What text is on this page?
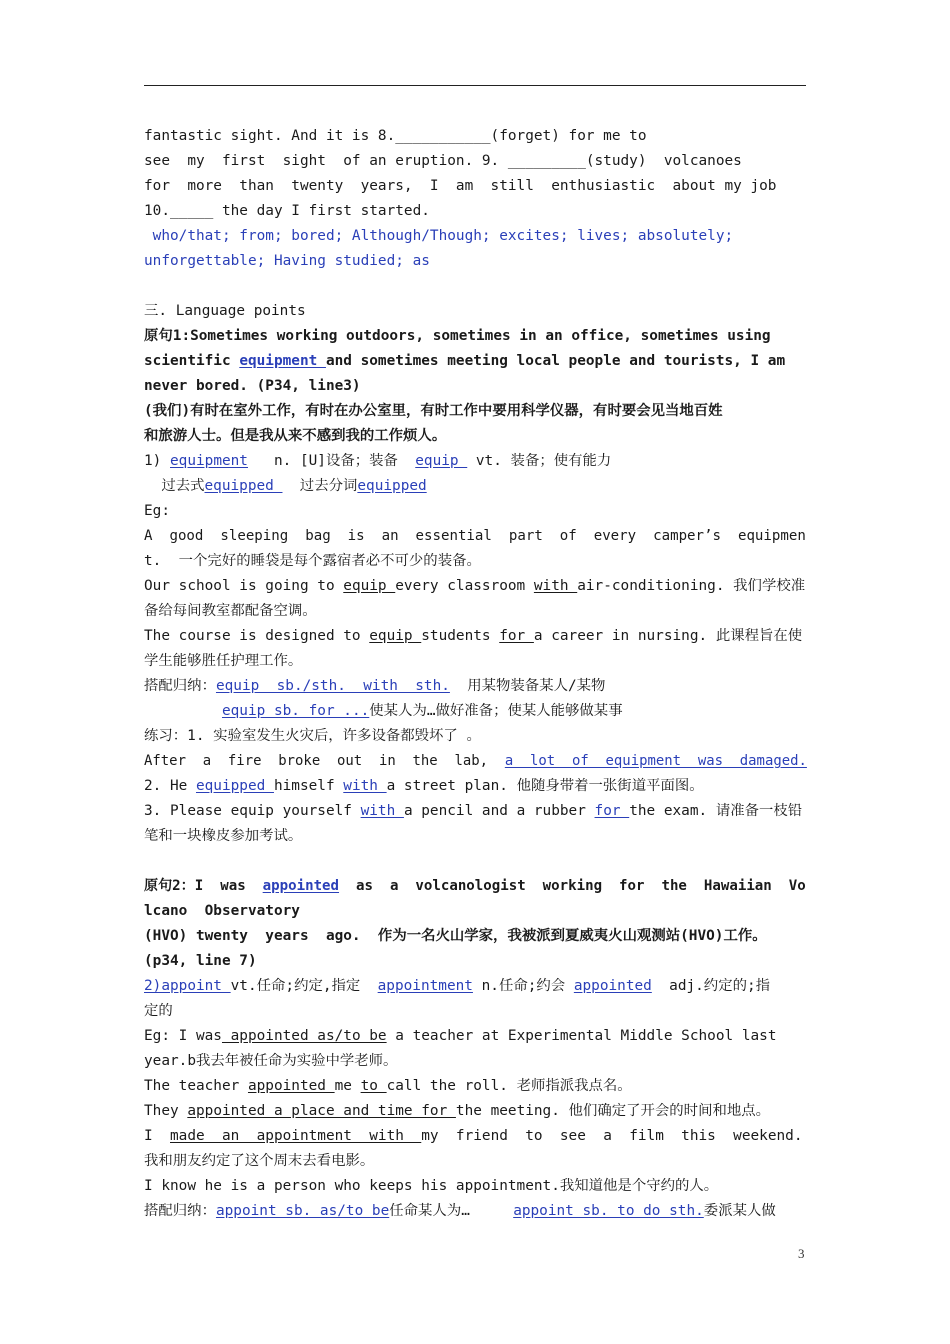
fantastic sight. And it is 8.___________(forget) for me to
see  my  first  sight  of an eruption. 9. _________(study)  volcanoes
for  more  than  twenty  years,  I  am  still  enthusiastic  about my job
10._____ the day I first started.
who/that; from; bored; Although/Though; excites; lives; absolutely;
unforgettable; Having studied; as
三. Language points
原句1:Sometimes working outdoors, sometimes in an office, sometimes using
scientific equipment and sometimes meeting local people and tourists, I am
never bored. (P34, line3)
(我们)有时在室外工作，有时在办公室里，有时工作中要用科学仪器，有时要会见当地百姓
和旅游人士。但是我从来不感到我的工作烦人。
1) equipment   n. [U]设备；装备  equip  vt. 装备；使有能力
过去式equipped   过去分词equipped
Eg:
A  good  sleeping  bag  is  an  essential  part  of  every  camper’s  equipmen
t.  一个完好的睡袋是每个露宿者必不可少的装备。
Our school is going to equip every classroom with air-conditioning. 我们学校准
备给每间教室都配备空调。
The course is designed to equip students for a career in nursing. 此课程旨在使
学生能够胜任护理工作。
搭配归纳：equip  sb./sth.  with  sth.  用某物装备某人/某物
equip sb. for ...使某人为…做好准备；使某人能够做某事
练习：1. 实验室发生火灾后，许多设备都毁坏了 。
After  a  fire  broke  out  in  the  lab,  a  lot  of  equipment  was  damaged.
2. He equipped himself with a street plan. 他随身带着一张街道平面图。
3. Please equip yourself with a pencil and a rubber for the exam. 请准备一枝铅
笔和一块橡皮参加考试。
原句2：I  was  appointed  as  a  volcanologist  working  for  the  Hawaiian  Vo
lcano  Observatory
(HVO) twenty  years  ago.  作为一名火山学家，我被派到夏威夷火山观测站(HVO)工作。
(p34, line 7)
2)appoint vt.任命;约定,指定  appointment n.任命;约会 appointed  adj.约定的;指
定的
Eg: I was appointed as/to be a teacher at Experimental Middle School last
year.b我去年被任命为实验中学老师。
The teacher appointed me to call the roll. 老师指派我点名。
They appointed a place and time for the meeting. 他们确定了开会的时间和地点。
I  made  an  appointment  with  my  friend  to  see  a  film  this  weekend.
我和朋友约定了这个周末去看电影。
I know he is a person who keeps his appointment.我知道他是个守约的人。
搭配归纳：appoint sb. as/to be任命某人为…     appoint sb. to do sth.委派某人做
3
